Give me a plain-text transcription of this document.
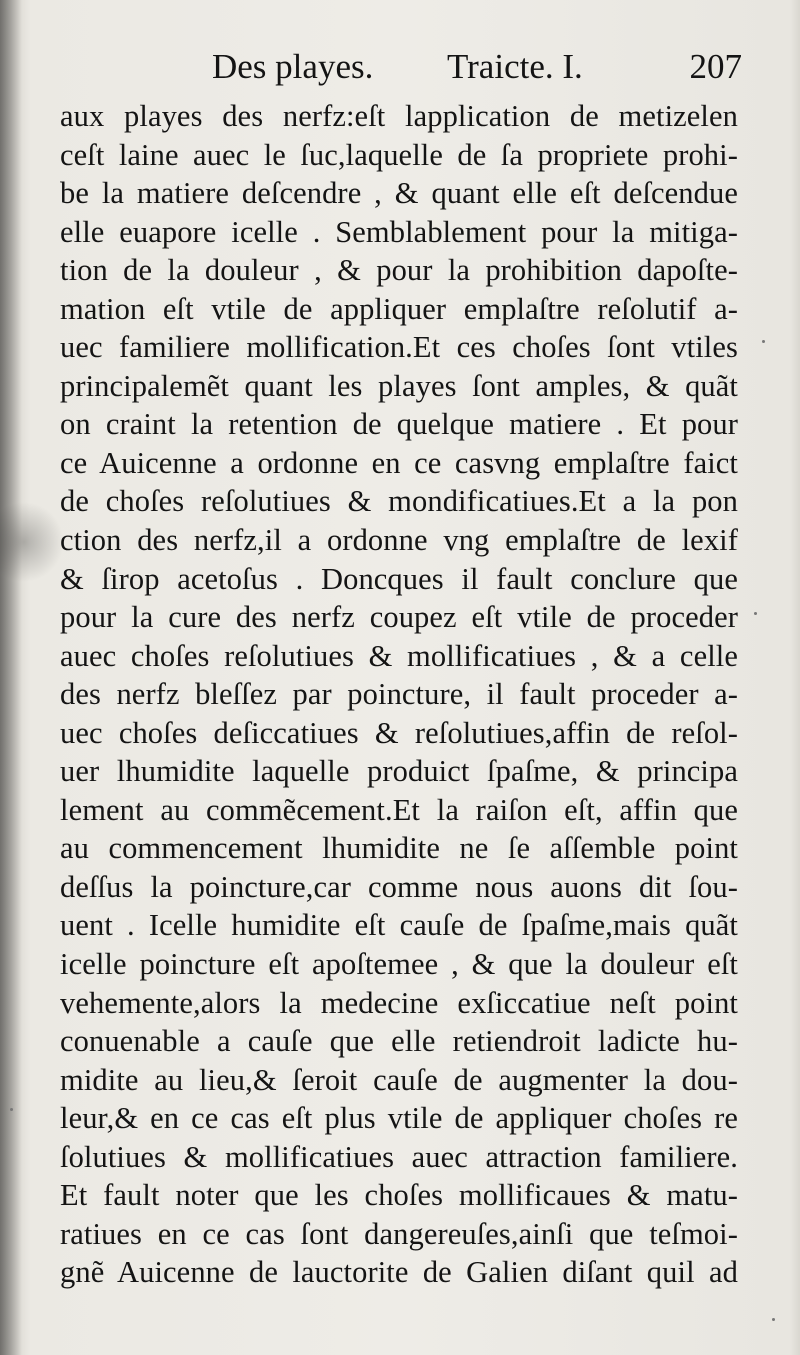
Des playes. Traicte. I.	207
aux playes des nerfz:eſt lapplication de metizelen
ceſt laine auec le ſuc,laquelle de ſa propriete prohi-
be la matiere deſcendre , & quant elle eſt deſcendue
elle euapore icelle . Semblablement pour la mitiga-
tion de la douleur , & pour la prohibition dapoſte-
mation eſt vtile de appliquer emplaſtre reſolutif a-
uec familiere mollification.Et ces choſes ſont vtiles
principalemẽt quant les playes ſont amples, & quãt
on craint la retention de quelque matiere . Et pour
ce Auicenne a ordonne en ce casvng emplaſtre faict
de choſes reſolutiues & mondificatiues.Et a la pon
ction des nerfz,il a ordonne vng emplaſtre de lexif
& ſirop acetoſus . Doncques il fault conclure que
pour la cure des nerfz coupez eſt vtile de proceder
auec choſes reſolutiues & mollificatiues , & a celle
des nerfz bleſſez par poincture, il fault proceder a-
uec choſes deſiccatiues & reſolutiues,affin de reſol-
uer lhumidite laquelle produict ſpaſme, & principa
lement au commẽcement.Et la raiſon eſt, affin que
au commencement lhumidite ne ſe aſſemble point
deſſus la poincture,car comme nous auons dit ſou-
uent . Icelle humidite eſt cauſe de ſpaſme,mais quãt
icelle poincture eſt apoſtemee , & que la douleur eſt
vehemente,alors la medecine exſiccatiue neſt point
conuenable a cauſe que elle retiendroit ladicte hu-
midite au lieu,& ſeroit cauſe de augmenter la dou-
leur,& en ce cas eſt plus vtile de appliquer choſes re
ſolutiues & mollificatiues auec attraction familiere.
Et fault noter que les choſes mollificaues & matu-
ratiues en ce cas ſont dangereuſes,ainſi que teſmoi-
gnẽ Auicenne de lauctorite de Galien diſant quil ad
